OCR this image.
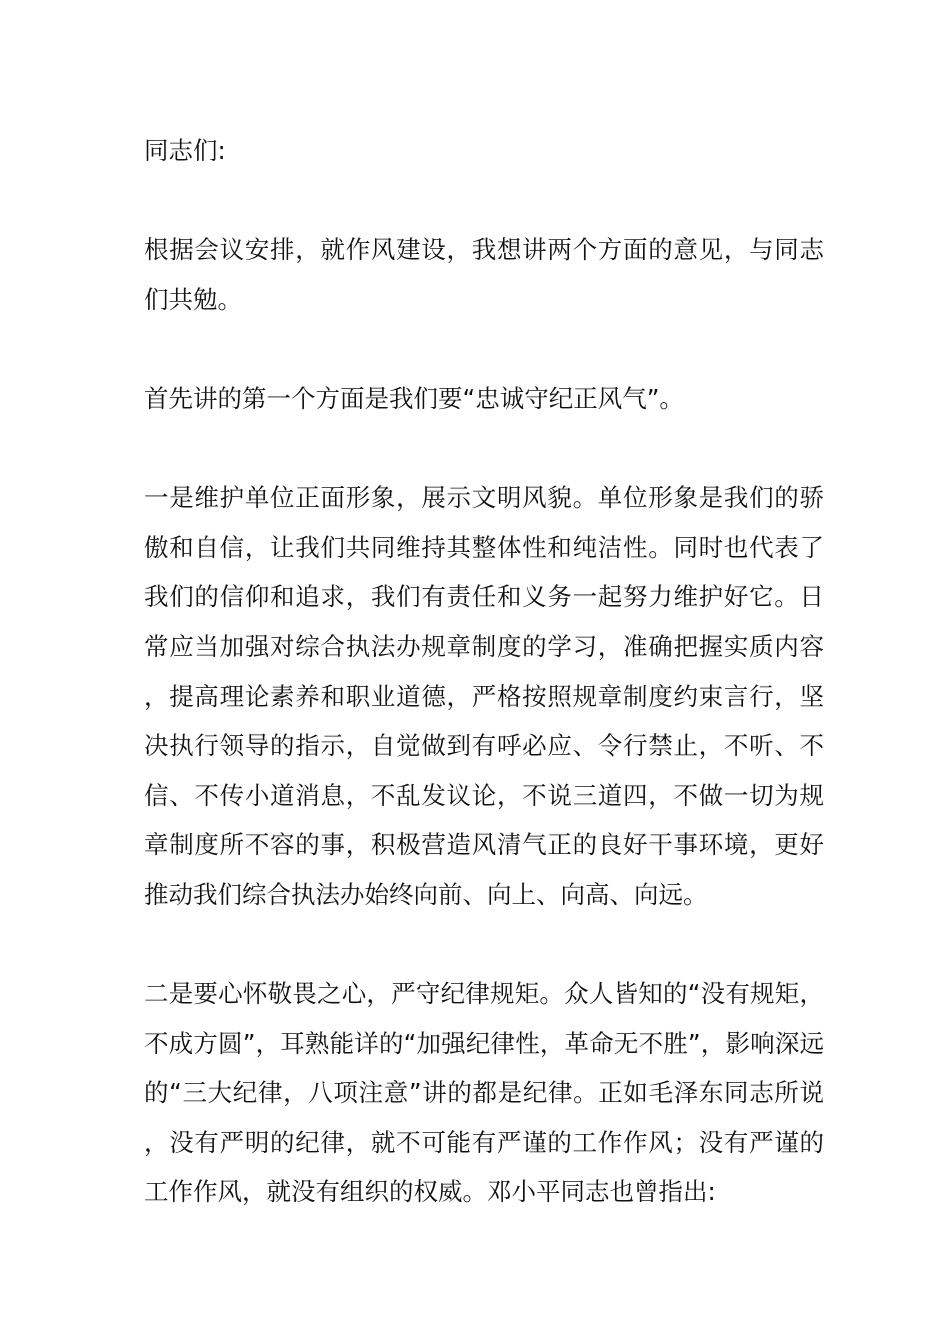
同志们:

根据会议安排，就作风建设，我想讲两个方面的意见，与同志们共勉。

首先讲的第一个方面是我们要“忠诚守纪正风气”。

一是维护单位正面形象，展示文明风貌。单位形象是我们的骄傲和自信，让我们共同维持其整体性和纯洁性。同时也代表了我们的信仰和追求，我们有责任和义务一起努力维护好它。日常应当加强对综合执法办规章制度的学习，准确把握实质内容，提高理论素养和职业道德，严格按照规章制度约束言行，坚决执行领导的指示，自觉做到有呼必应、令行禁止，不听、不信、不传小道消息，不乱发议论，不说三道四，不做一切为规章制度所不容的事，积极营造风清气正的良好干事环境，更好推动我们综合执法办始终向前、向上、向高、向远。

二是要心怀敬畏之心，严守纪律规矩。众人皆知的“没有规矩，不成方圆”，耳熟能详的“加强纪律性，革命无不胜”，影响深远的“三大纪律，八项注意”讲的都是纪律。正如毛泽东同志所说，没有严明的纪律，就不可能有严谨的工作作风；没有严谨的工作作风，就没有组织的权威。邓小平同志也曾指出:
